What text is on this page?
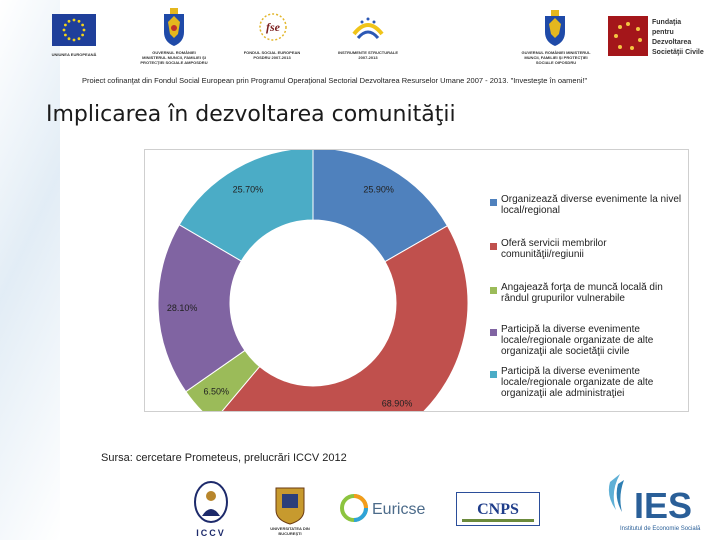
UNIUNEA EUROPEANĂ	GUVERNUL ROMÂNIEI MINISTERUL MUNCII, FAMILIEI ŞI PROTECŢIEI SOCIALE AMPOSDRU
fse
FONDUL SOCIAL EUROPEAN POSDRU 2007-2013
INSTRUMENTE STRUCTURALE 2007-2013
GUVERNUL ROMÂNIEI MINISTERUL MUNCII, FAMILIEI ŞI PROTECŢIEI SOCIALE OIPOSDRU
Fundaţia pentru Dezvoltarea Societăţii Civile
Proiect cofinanţat din Fondul Social European prin Programul Operaţional Sectorial Dezvoltarea Resurselor Umane 2007 - 2013. "Investeşte în oameni!"
Implicarea în dezvoltarea comunităţii
25.90%
68.90%
6.50%
28.10%
25.70%
Organizează diverse evenimente la nivel local/regional
Oferă servicii membrilor comunităţii/regiunii
Angajează forţa de muncă locală din rândul grupurilor vulnerabile
Participă la diverse evenimente locale/regionale organizate de alte organizaţii ale societăţii civile
Participă la diverse evenimente locale/regionale organizate de alte organizaţii ale administraţiei
Sursa: cercetare Prometeus, prelucrări ICCV 2012
ICCV	UNIVERSITATEA DIN BUCUREŞTI
Euricse	CNPS	IES
Institutul de Economie Socială
